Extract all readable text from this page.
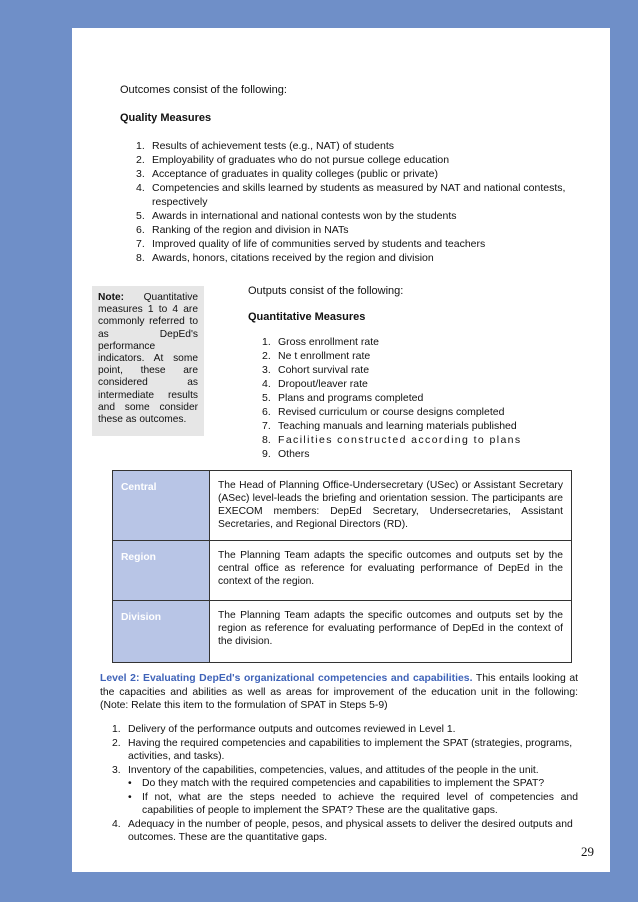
Outcomes consist of the following:
Quality Measures
1. Results of achievement tests (e.g., NAT) of students
2. Employability of graduates who do not pursue college education
3. Acceptance of graduates in quality colleges (public or private)
4. Competencies and skills learned by students as measured by NAT and national contests, respectively
5. Awards in international and national contests won by the students
6. Ranking of the region and division in NATs
7. Improved quality of life of communities served by students and teachers
8. Awards, honors, citations received by the region and division
Note: Quantitative measures 1 to 4 are commonly referred to as DepEd's performance indicators. At some point, these are considered as intermediate results and some consider these as outcomes.
Outputs consist of the following:
Quantitative Measures
1. Gross enrollment rate
2. Ne t enrollment rate
3. Cohort survival rate
4. Dropout/leaver rate
5. Plans and programs completed
6. Revised curriculum or course designs completed
7. Teaching manuals and learning materials published
8. Facilities constructed according to plans
9. Others
Central	The Head of Planning Office-Undersecretary (USec) or Assistant Secretary (ASec) level-leads the briefing and orientation session. The participants are EXECOM members: DepEd Secretary, Undersecretaries, Assistant Secretaries, and Regional Directors (RD).
Region	The Planning Team adapts the specific outcomes and outputs set by the central office as reference for evaluating performance of DepEd in the context of the region.
Division	The Planning Team adapts the specific outcomes and outputs set by the region as reference for evaluating performance of DepEd in the context of the division.
Level 2: Evaluating DepEd's organizational competencies and capabilities. This entails looking at the capacities and abilities as well as areas for improvement of the education unit in the following: (Note: Relate this item to the formulation of SPAT in Steps 5-9)
1. Delivery of the performance outputs and outcomes reviewed in Level 1.
2. Having the required competencies and capabilities to implement the SPAT (strategies, programs, activities, and tasks).
3. Inventory of the capabilities, competencies, values, and attitudes of the people in the unit.
• Do they match with the required competencies and capabilities to implement the SPAT?
• If not, what are the steps needed to achieve the required level of competencies and capabilities of people to implement the SPAT? These are the qualitative gaps.
4. Adequacy in the number of people, pesos, and physical assets to deliver the desired outputs and outcomes. These are the quantitative gaps.
29
